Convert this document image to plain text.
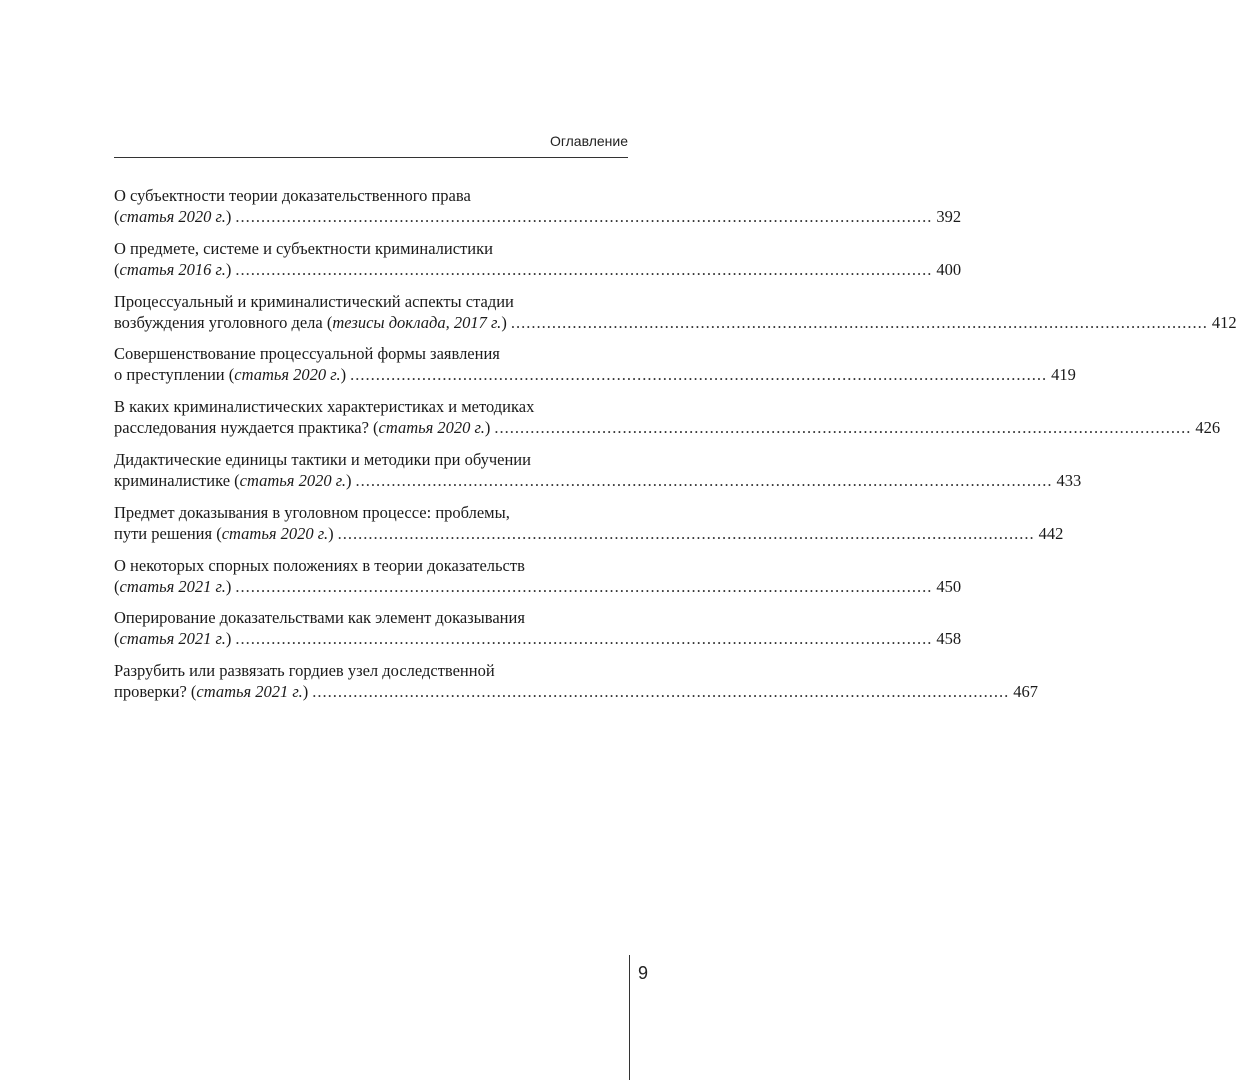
Оглавление
О субъектности теории доказательственного права
(статья 2020 г.) ........................................................................................................................................ 392
О предмете, системе и субъектности криминалистики
(статья 2016 г.) ........................................................................................................................................ 400
Процессуальный и криминалистический аспекты стадии
возбуждения уголовного дела (тезисы доклада, 2017 г.) ........................................................................................................................................ 412
Совершенствование процессуальной формы заявления
о преступлении (статья 2020 г.) ........................................................................................................................................ 419
В каких криминалистических характеристиках и методиках
расследования нуждается практика? (статья 2020 г.) ........................................................................................................................................ 426
Дидактические единицы тактики и методики при обучении
криминалистике (статья 2020 г.) ........................................................................................................................................ 433
Предмет доказывания в уголовном процессе: проблемы,
пути решения (статья 2020 г.) ........................................................................................................................................ 442
О некоторых спорных положениях в теории доказательств
(статья 2021 г.) ........................................................................................................................................ 450
Оперирование доказательствами как элемент доказывания
(статья 2021 г.) ........................................................................................................................................ 458
Разрубить или развязать гордиев узел доследственной
проверки? (статья 2021 г.) ........................................................................................................................................ 467
9
